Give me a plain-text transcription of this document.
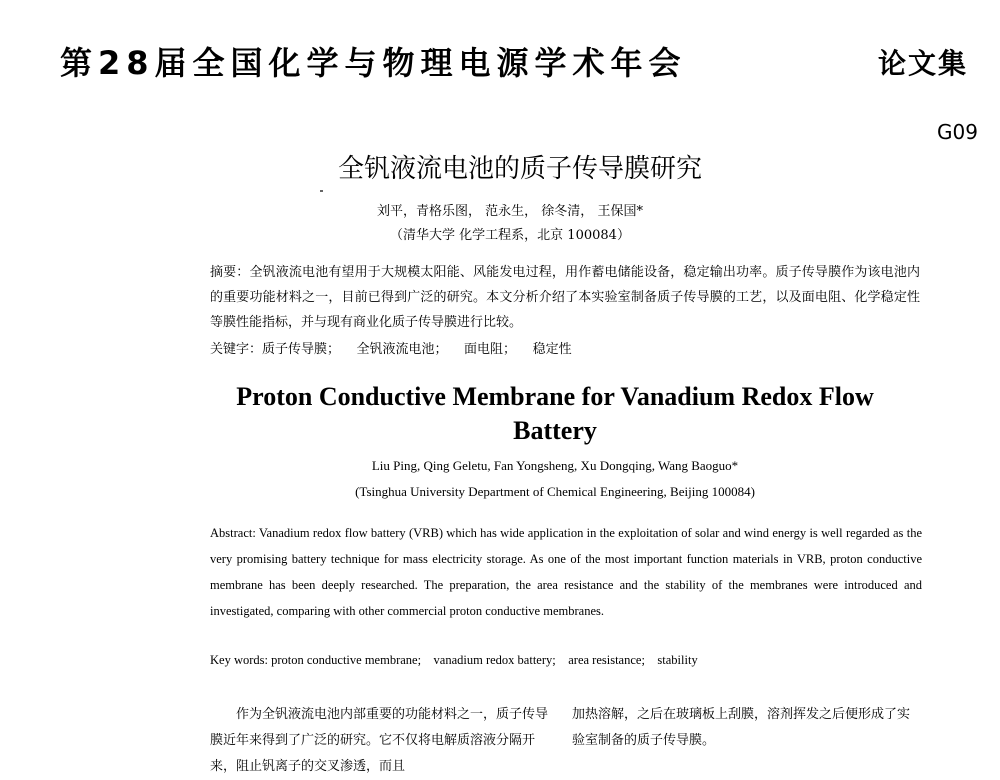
第28届全国化学与物理电源学术年会	论文集
G09
全钒液流电池的质子传导膜研究
刘平，青格乐图， 范永生， 徐冬清， 王保国*
（清华大学 化学工程系，北京 100084）
摘要：全钒液流电池有望用于大规模太阳能、风能发电过程，用作蓄电储能设备，稳定输出功率。质子传导膜作为该电池内的重要功能材料之一，目前已得到广泛的研究。本文分析介绍了本实验室制备质子传导膜的工艺，以及面电阻、化学稳定性等膜性能指标，并与现有商业化质子传导膜进行比较。
关键字：质子传导膜；    全钒液流电池；    面电阻；    稳定性
Proton Conductive Membrane for Vanadium Redox Flow Battery
Liu Ping, Qing Geletu, Fan Yongsheng, Xu Dongqing, Wang Baoguo*
(Tsinghua University Department of Chemical Engineering, Beijing 100084)
Abstract: Vanadium redox flow battery (VRB) which has wide application in the exploitation of solar and wind energy is well regarded as the very promising battery technique for mass electricity storage. As one of the most important function materials in VRB, proton conductive membrane has been deeply researched. The preparation, the area resistance and the stability of the membranes were introduced and investigated, comparing with other commercial proton conductive membranes.
Key words: proton conductive membrane;    vanadium redox battery;    area resistance;    stability
作为全钒液流电池内部重要的功能材料之一，质子传导膜近年来得到了广泛的研究。它不仅将电解质溶液分隔开来，阻止钒离子的交叉渗透，而且
加热溶解，之后在玻璃板上刮膜，溶剂挥发之后便形成了实验室制备的质子传导膜。
